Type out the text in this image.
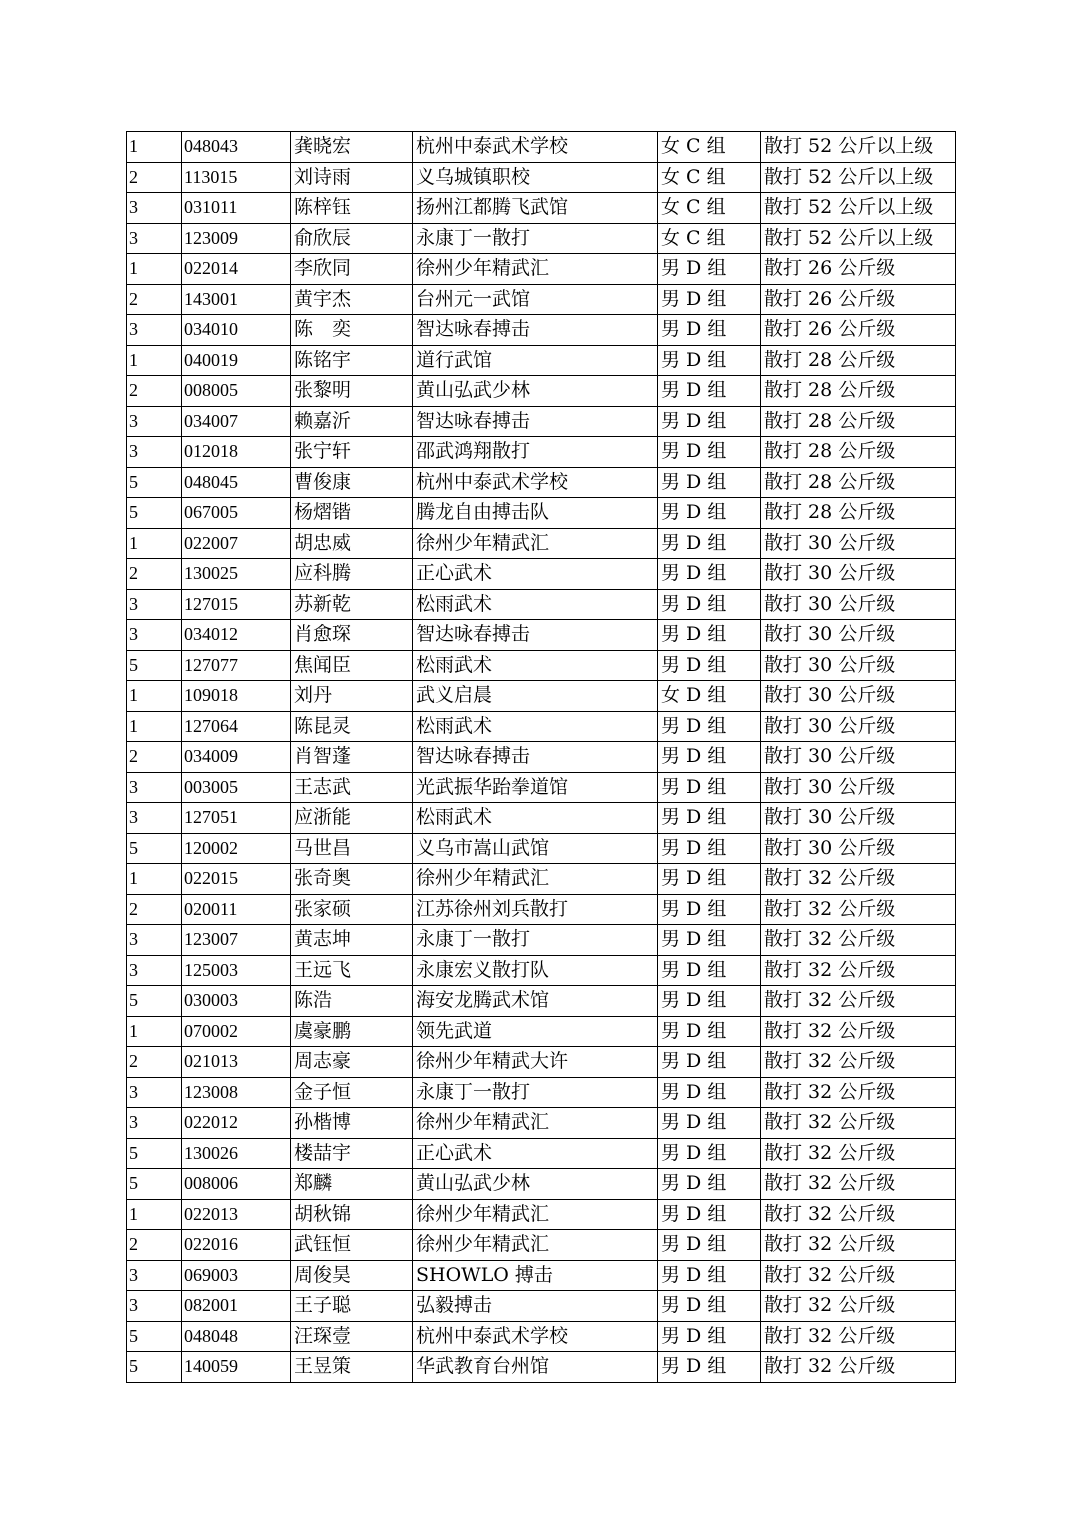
1	048043	龚晓宏	杭州中泰武术学校	女 C 组	散打 52 公斤以上级
2	113015	刘诗雨	义乌城镇职校	女 C 组	散打 52 公斤以上级
3	031011	陈梓钰	扬州江都腾飞武馆	女 C 组	散打 52 公斤以上级
3	123009	俞欣辰	永康丁一散打	女 C 组	散打 52 公斤以上级
1	022014	李欣同	徐州少年精武汇	男 D 组	散打 26 公斤级
2	143001	黄宇杰	台州元一武馆	男 D 组	散打 26 公斤级
3	034010	陈　奕	智达咏春搏击	男 D 组	散打 26 公斤级
1	040019	陈铭宇	道行武馆	男 D 组	散打 28 公斤级
2	008005	张黎明	黄山弘武少林	男 D 组	散打 28 公斤级
3	034007	赖嘉沂	智达咏春搏击	男 D 组	散打 28 公斤级
3	012018	张宁轩	邵武鸿翔散打	男 D 组	散打 28 公斤级
5	048045	曹俊康	杭州中泰武术学校	男 D 组	散打 28 公斤级
5	067005	杨熠锴	腾龙自由搏击队	男 D 组	散打 28 公斤级
1	022007	胡忠威	徐州少年精武汇	男 D 组	散打 30 公斤级
2	130025	应科腾	正心武术	男 D 组	散打 30 公斤级
3	127015	苏新乾	松雨武术	男 D 组	散打 30 公斤级
3	034012	肖愈琛	智达咏春搏击	男 D 组	散打 30 公斤级
5	127077	焦闻臣	松雨武术	男 D 组	散打 30 公斤级
1	109018	刘丹	武义启晨	女 D 组	散打 30 公斤级
1	127064	陈昆灵	松雨武术	男 D 组	散打 30 公斤级
2	034009	肖智蓬	智达咏春搏击	男 D 组	散打 30 公斤级
3	003005	王志武	光武振华跆拳道馆	男 D 组	散打 30 公斤级
3	127051	应浙能	松雨武术	男 D 组	散打 30 公斤级
5	120002	马世昌	义乌市嵩山武馆	男 D 组	散打 30 公斤级
1	022015	张奇奥	徐州少年精武汇	男 D 组	散打 32 公斤级
2	020011	张家硕	江苏徐州刘兵散打	男 D 组	散打 32 公斤级
3	123007	黄志坤	永康丁一散打	男 D 组	散打 32 公斤级
3	125003	王远飞	永康宏义散打队	男 D 组	散打 32 公斤级
5	030003	陈浩	海安龙腾武术馆	男 D 组	散打 32 公斤级
1	070002	虞豪鹏	领先武道	男 D 组	散打 32 公斤级
2	021013	周志豪	徐州少年精武大许	男 D 组	散打 32 公斤级
3	123008	金子恒	永康丁一散打	男 D 组	散打 32 公斤级
3	022012	孙楷博	徐州少年精武汇	男 D 组	散打 32 公斤级
5	130026	楼喆宇	正心武术	男 D 组	散打 32 公斤级
5	008006	郑麟	黄山弘武少林	男 D 组	散打 32 公斤级
1	022013	胡秋锦	徐州少年精武汇	男 D 组	散打 32 公斤级
2	022016	武钰恒	徐州少年精武汇	男 D 组	散打 32 公斤级
3	069003	周俊昊	SHOWLO 搏击	男 D 组	散打 32 公斤级
3	082001	王子聪	弘毅搏击	男 D 组	散打 32 公斤级
5	048048	汪琛壹	杭州中泰武术学校	男 D 组	散打 32 公斤级
5	140059	王昱策	华武教育台州馆	男 D 组	散打 32 公斤级
